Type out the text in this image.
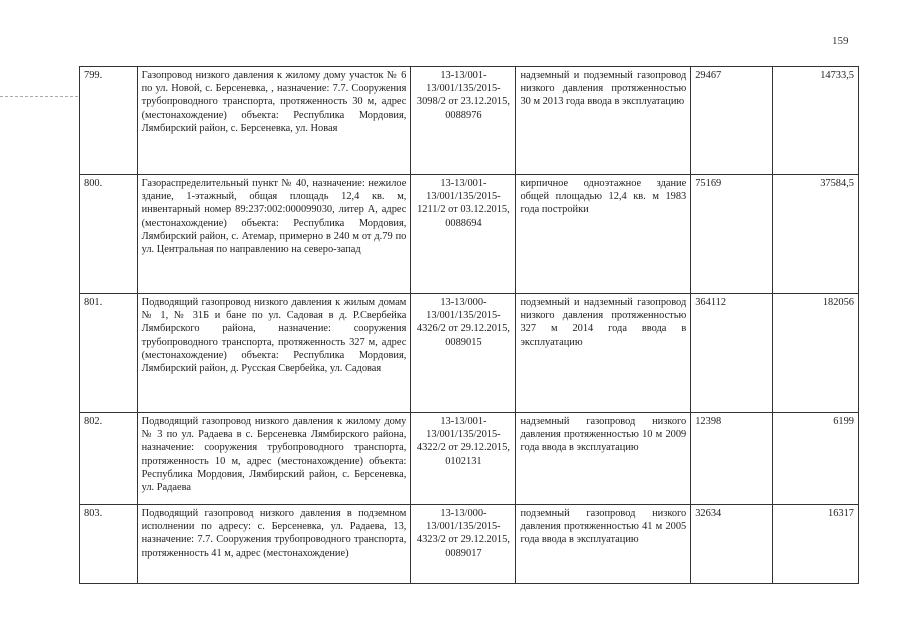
159
799.	Газопровод низкого давления к жилому дому участок № 6 по ул. Новой, с. Берсеневка, , назначение: 7.7. Сооружения трубопроводного транспорта, протяженность 30 м, адрес (местонахождение) объекта: Республика Мордовия, Лямбирский район, с. Берсеневка, ул. Новая	13-13/001-13/001/135/2015-3098/2 от 23.12.2015, 0088976	надземный и подземный газопровод низкого давления протяженностью 30 м 2013 года ввода в эксплуатацию	29467	14733,5
800.	Газораспределительный пункт № 40, назначение: нежилое здание, 1-этажный, общая площадь 12,4 кв. м, инвентарный номер 89:237:002:000099030, литер А, адрес (местонахождение) объекта: Республика Мордовия, Лямбирский район, с. Атемар, примерно в 240 м от д.79 по ул. Центральная по направлению на северо-запад	13-13/001-13/001/135/2015-1211/2 от 03.12.2015, 0088694	кирпичное одноэтажное здание общей площадью 12,4 кв. м 1983 года постройки	75169	37584,5
801.	Подводящий газопровод низкого давления к жилым домам № 1, № 31Б и бане по ул. Садовая в д. Р.Свербейка Лямбирского района, назначение: сооружения трубопроводного транспорта, протяженность 327 м, адрес (местонахождение) объекта: Республика Мордовия, Лямбирский район, д. Русская Свербейка, ул. Садовая	13-13/000-13/001/135/2015-4326/2 от 29.12.2015, 0089015	подземный и надземный газопровод низкого давления протяженностью 327 м 2014 года ввода в эксплуатацию	364112	182056
802.	Подводящий газопровод низкого давления к жилому дому № 3 по ул. Радаева в с. Берсеневка Лямбирского района, назначение: сооружения трубопроводного транспорта, протяженность 10 м, адрес (местонахождение) объекта: Республика Мордовия, Лямбирский район, с. Берсеневка, ул. Радаева	13-13/001-13/001/135/2015-4322/2 от 29.12.2015, 0102131	надземный газопровод низкого давления протяженностью 10 м 2009 года ввода в эксплуатацию	12398	6199
803.	Подводящий газопровод низкого давления в подземном исполнении по адресу: с. Берсеневка, ул. Радаева, 13, назначение: 7.7. Сооружения трубопроводного транспорта, протяженность 41 м, адрес (местонахождение)	13-13/000-13/001/135/2015-4323/2 от 29.12.2015, 0089017	подземный газопровод низкого давления протяженностью 41 м 2005 года ввода в эксплуатацию	32634	16317
